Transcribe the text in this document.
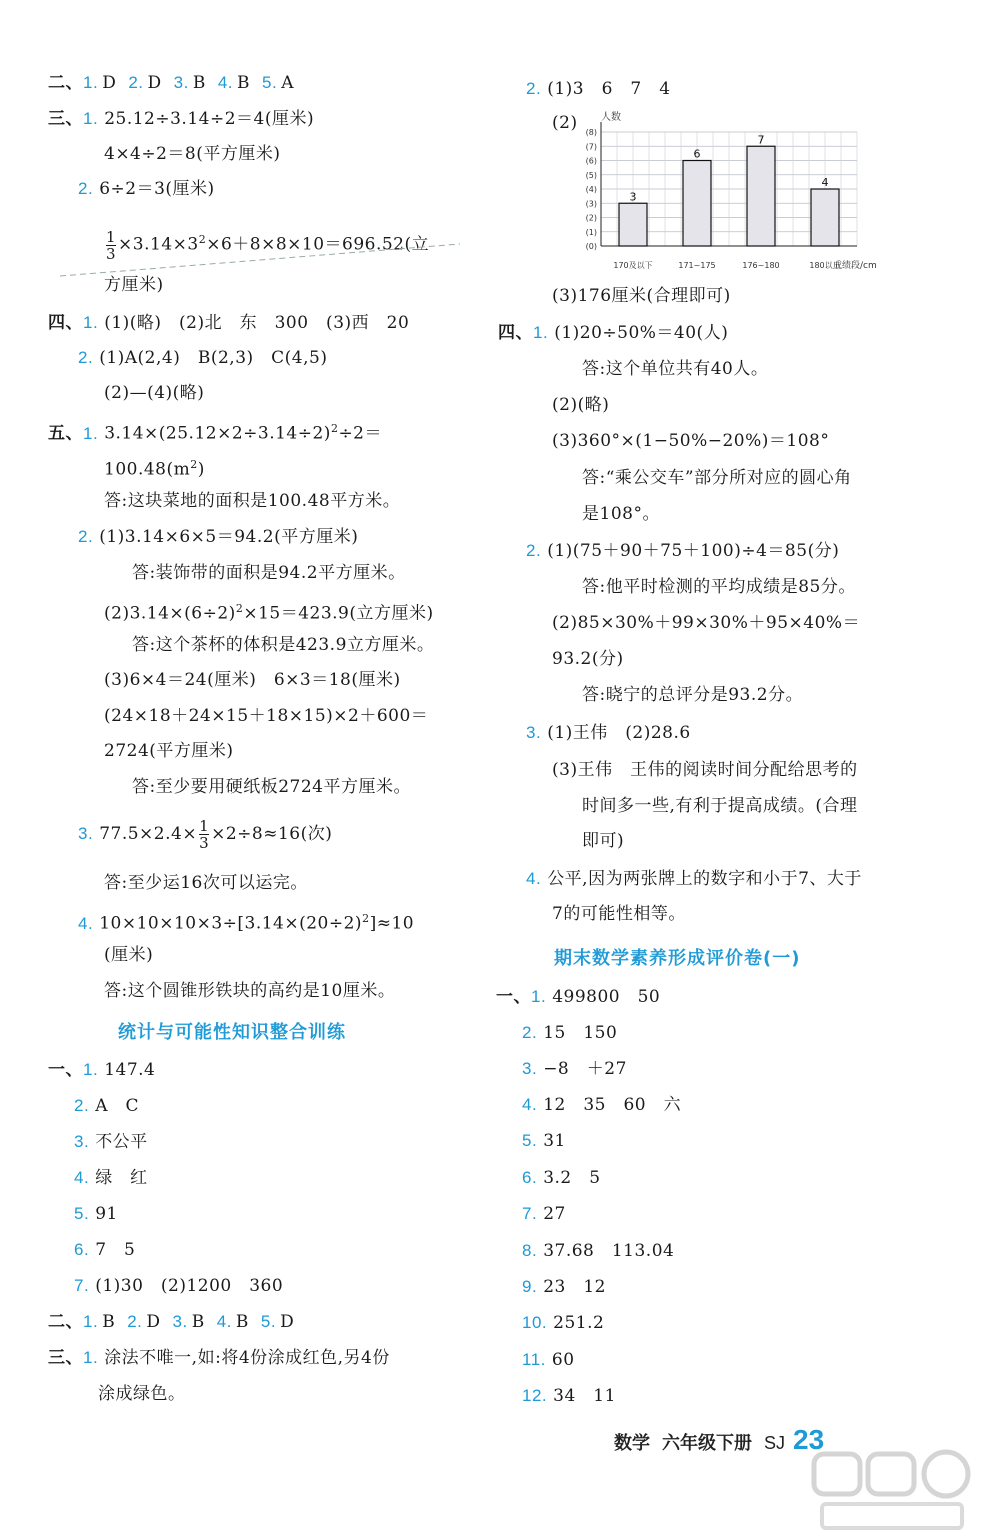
二、1. D 2. D 3. B 4. B 5. A
三、1. 25.12÷3.14÷2＝4(厘米)
4×4÷2＝8(平方厘米)
2. 6÷2＝3(厘米)
$\frac{1}{3} \times 3.14\times 3^2\times 6+8\times 8\times 10=696.52$(立
方厘米)
四、1. (1)(略)　(2)北　东　300　(3)西　20
2. (1)A(2,4)　B(2,3)　C(4,5)
(2)—(4)(略)
五、1. $3.14\times(25.12\times 2\div 3.14\div 2)^2\div 2=$
$100.48(m^2)$
答:这块菜地的面积是100.48平方米。
2. (1)3.14×6×5＝94.2(平方厘米)
答:装饰带的面积是94.2平方厘米。
$(2)3.14\times(6\div 2)^2\times 15=423.9$(立方厘米)
答:这个茶杯的体积是423.9立方厘米。
(3)6×4＝24(厘米)　6×3＝18(厘米)
(24×18＋24×15＋18×15)×2＋600＝
2724(平方厘米)
答:至少要用硬纸板2724平方厘米。
3. $77.5\times 2.4\times \frac{1}{3} \times 2\div 8\approx 16$(次)
答:至少运16次可以运完。
4. $10\times 10\times 10\times 3\div[3.14\times(20\div 2)^2]\approx 10$
(厘米)
答:这个圆锥形铁块的高约是10厘米。
统计与可能性知识整合训练
一、1. 147.4
2. A　C
3. 不公平
4. 绿　红
5. 91
6. 7　5
7. (1)30　(2)1200　360
二、1. B 2. D 3. B 4. B 5. D
三、1. 涂法不唯一,如:将4份涂成红色,另4份
涂成绿色。
2. (1)3　6　7　4
(2) 人数
(8)
(7)
(6)
(5)
(4)
(3)
(2)
(1)
(0)
3
6
7
4
170及以下	171~175	176~180	180以上
成绩段/cm
(3)176厘米(合理即可)
四、1. (1)20÷50%＝40(人)
答:这个单位共有40人。
(2)(略)
(3)360°×(1−50%−20%)＝108°
答:“乘公交车”部分所对应的圆心角
是108°。
2. (1)(75＋90＋75＋100)÷4＝85(分)
答:他平时检测的平均成绩是85分。
(2)85×30%＋99×30%＋95×40%＝
93.2(分)
答:晓宁的总评分是93.2分。
3. (1)王伟　(2)28.6
(3)王伟　王伟的阅读时间分配给思考的
时间多一些,有利于提高成绩。(合理
即可)
4. 公平,因为两张牌上的数字和小于7、大于
7的可能性相等。
期末数学素养形成评价卷(一)
一、1. 499800　50
2. 15　150
3. −8　＋27
4. 12　35　60　六
5. 31
6. 3.2　5
7. 27
8. 37.68　113.04
9. 23　12
10. 251.2
11. 60
12. 34　11
数学 六年级下册 SJ 23
